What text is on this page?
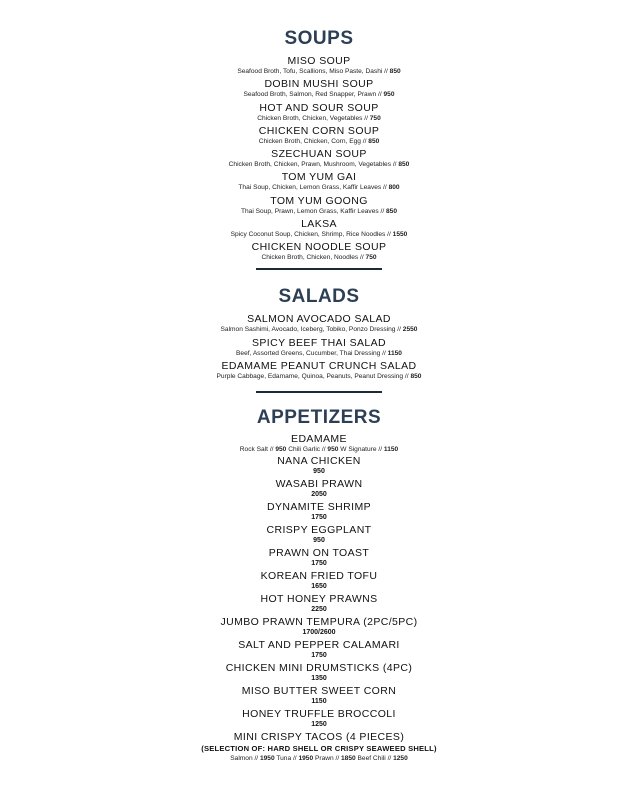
SOUPS
MISO SOUP
Seafood Broth, Tofu, Scallions, Miso Paste, Dashi // 850
DOBIN MUSHI SOUP
Seafood Broth, Salmon, Red Snapper, Prawn // 950
HOT AND SOUR SOUP
Chicken Broth, Chicken, Vegetables // 750
CHICKEN CORN SOUP
Chicken Broth, Chicken, Corn, Egg // 850
SZECHUAN SOUP
Chicken Broth, Chicken, Prawn, Mushroom, Vegetables // 850
TOM YUM GAI
Thai Soup, Chicken, Lemon Grass, Kaffir Leaves // 800
TOM YUM GOONG
Thai Soup, Prawn, Lemon Grass, Kaffir Leaves // 850
LAKSA
Spicy Coconut Soup, Chicken, Shrimp, Rice Noodles // 1550
CHICKEN NOODLE SOUP
Chicken Broth, Chicken, Noodles // 750
SALADS
SALMON AVOCADO SALAD
Salmon Sashimi, Avocado, Iceberg, Tobiko, Ponzo Dressing // 2550
SPICY BEEF THAI SALAD
Beef, Assorted Greens, Cucumber, Thai Dressing // 1150
EDAMAME PEANUT CRUNCH SALAD
Purple Cabbage, Edamame, Quinoa, Peanuts, Peanut Dressing // 850
APPETIZERS
EDAMAME
Rock Salt // 950 Chili Garlic // 950 W Signature // 1150
NANA CHICKEN
950
WASABI PRAWN
2050
DYNAMITE SHRIMP
1750
CRISPY EGGPLANT
950
PRAWN ON TOAST
1750
KOREAN FRIED TOFU
1650
HOT HONEY PRAWNS
2250
JUMBO PRAWN TEMPURA (2PC/5PC)
1700/2600
SALT AND PEPPER CALAMARI
1750
CHICKEN MINI DRUMSTICKS (4PC)
1350
MISO BUTTER SWEET CORN
1150
HONEY TRUFFLE BROCCOLI
1250
MINI CRISPY TACOS (4 PIECES)
(SELECTION OF: HARD SHELL OR CRISPY SEAWEED SHELL)
Salmon // 1950 Tuna // 1950 Prawn // 1850 Beef Chili // 1250
